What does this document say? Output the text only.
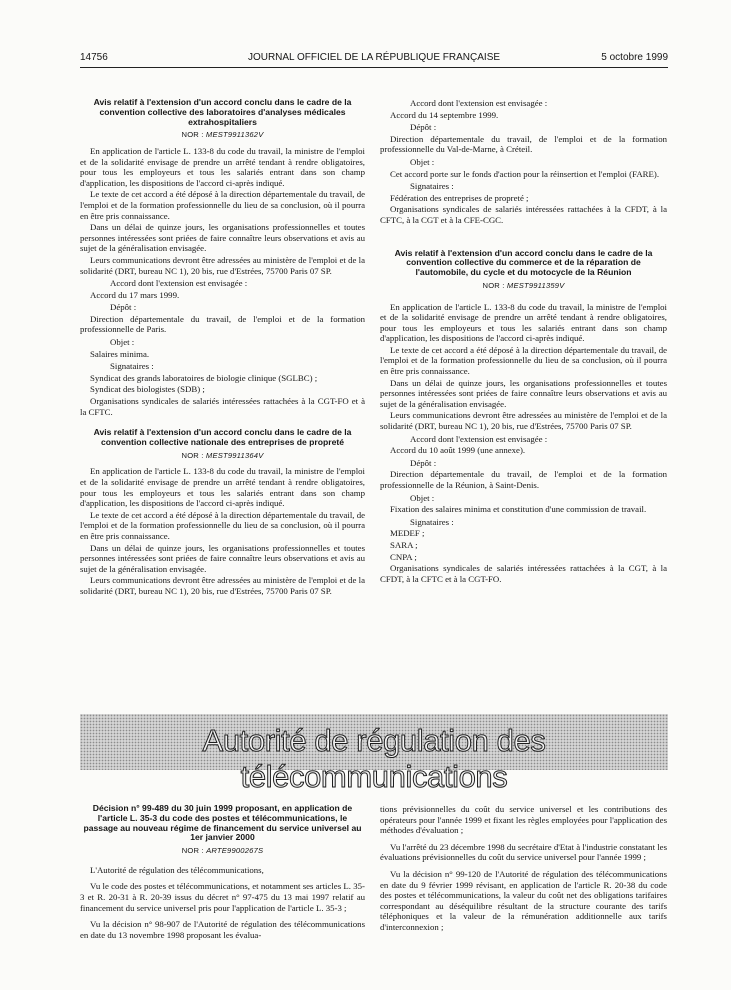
14756	JOURNAL OFFICIEL DE LA RÉPUBLIQUE FRANÇAISE	5 octobre 1999
Avis relatif à l'extension d'un accord conclu dans le cadre de la convention collective des laboratoires d'analyses médicales extrahospitaliers
NOR : MEST9911362V

En application de l'article L. 133-8 du code du travail, la ministre de l'emploi et de la solidarité envisage de prendre un arrêté tendant à rendre obligatoires, pour tous les employeurs et tous les salariés entrant dans son champ d'application, les dispositions de l'accord ci-après indiqué.

Le texte de cet accord a été déposé à la direction départementale du travail, de l'emploi et de la formation professionnelle du lieu de sa conclusion, où il pourra en être pris connaissance.

Dans un délai de quinze jours, les organisations professionnelles et toutes personnes intéressées sont priées de faire connaître leurs observations et avis au sujet de la généralisation envisagée.

Leurs communications devront être adressées au ministère de l'emploi et de la solidarité (DRT, bureau NC 1), 20 bis, rue d'Estrées, 75700 Paris 07 SP.

Accord dont l'extension est envisagée :

Accord du 17 mars 1999.

Dépôt :

Direction départementale du travail, de l'emploi et de la formation professionnelle de Paris.

Objet :

Salaires minima.

Signataires :

Syndicat des grands laboratoires de biologie clinique (SGLBC) ;

Syndicat des biologistes (SDB) ;

Organisations syndicales de salariés intéressées rattachées à la CGT-FO et à la CFTC.

Avis relatif à l'extension d'un accord conclu dans le cadre de la convention collective nationale des entreprises de propreté
NOR : MEST9911364V

En application de l'article L. 133-8 du code du travail, la ministre de l'emploi et de la solidarité envisage de prendre un arrêté tendant à rendre obligatoires, pour tous les employeurs et tous les salariés entrant dans son champ d'application, les dispositions de l'accord ci-après indiqué.

Le texte de cet accord a été déposé à la direction départementale du travail, de l'emploi et de la formation professionnelle du lieu de sa conclusion, où il pourra en être pris connaissance.

Dans un délai de quinze jours, les organisations professionnelles et toutes personnes intéressées sont priées de faire connaître leurs observations et avis au sujet de la généralisation envisagée.

Leurs communications devront être adressées au ministère de l'emploi et de la solidarité (DRT, bureau NC 1), 20 bis, rue d'Estrées, 75700 Paris 07 SP.

Accord dont l'extension est envisagée :

Accord du 14 septembre 1999.

Dépôt :

Direction départementale du travail, de l'emploi et de la formation professionnelle du Val-de-Marne, à Créteil.

Objet :

Cet accord porte sur le fonds d'action pour la réinsertion et l'emploi (FARE).

Signataires :

Fédération des entreprises de propreté ;

Organisations syndicales de salariés intéressées rattachées à la CFDT, à la CFTC, à la CGT et à la CFE-CGC.

Avis relatif à l'extension d'un accord conclu dans le cadre de la convention collective du commerce et de la réparation de l'automobile, du cycle et du motocycle de la Réunion
NOR : MEST9911359V

En application de l'article L. 133-8 du code du travail, la ministre de l'emploi et de la solidarité envisage de prendre un arrêté tendant à rendre obligatoires, pour tous les employeurs et tous les salariés entrant dans son champ d'application, les dispositions de l'accord ci-après indiqué.

Le texte de cet accord a été déposé à la direction départementale du travail, de l'emploi et de la formation professionnelle du lieu de sa conclusion, où il pourra en être pris connaissance.

Dans un délai de quinze jours, les organisations professionnelles et toutes personnes intéressées sont priées de faire connaître leurs observations et avis au sujet de la généralisation envisagée.

Leurs communications devront être adressées au ministère de l'emploi et de la solidarité (DRT, bureau NC 1), 20 bis, rue d'Estrées, 75700 Paris 07 SP.

Accord dont l'extension est envisagée :

Accord du 10 août 1999 (une annexe).

Dépôt :

Direction départementale du travail, de l'emploi et de la formation professionnelle de la Réunion, à Saint-Denis.

Objet :

Fixation des salaires minima et constitution d'une commission de travail.

Signataires :

MEDEF ;

SARA ;

CNPA ;

Organisations syndicales de salariés intéressées rattachées à la CGT, à la CFDT, à la CFTC et à la CGT-FO.

Autorité de régulation des télécommunications
Décision n° 99-489 du 30 juin 1999 proposant, en application de l'article L. 35-3 du code des postes et télécommunications, le passage au nouveau régime de financement du service universel au 1er janvier 2000
NOR : ARTE9900267S

L'Autorité de régulation des télécommunications,

Vu le code des postes et télécommunications, et notamment ses articles L. 35-3 et R. 20-31 à R. 20-39 issus du décret n° 97-475 du 13 mai 1997 relatif au financement du service universel pris pour l'application de l'article L. 35-3 ;

Vu la décision n° 98-907 de l'Autorité de régulation des télécommunications en date du 13 novembre 1998 proposant les évalua-

tions prévisionnelles du coût du service universel et les contributions des opérateurs pour l'année 1999 et fixant les règles employées pour l'application des méthodes d'évaluation ;

Vu l'arrêté du 23 décembre 1998 du secrétaire d'Etat à l'industrie constatant les évaluations prévisionnelles du coût du service universel pour l'année 1999 ;

Vu la décision n° 99-120 de l'Autorité de régulation des télécommunications en date du 9 février 1999 révisant, en application de l'article R. 20-38 du code des postes et télécommunications, la valeur du coût net des obligations tarifaires correspondant au déséquilibre résultant de la structure courante des tarifs téléphoniques et la valeur de la rémunération additionnelle aux tarifs d'interconnexion ;
